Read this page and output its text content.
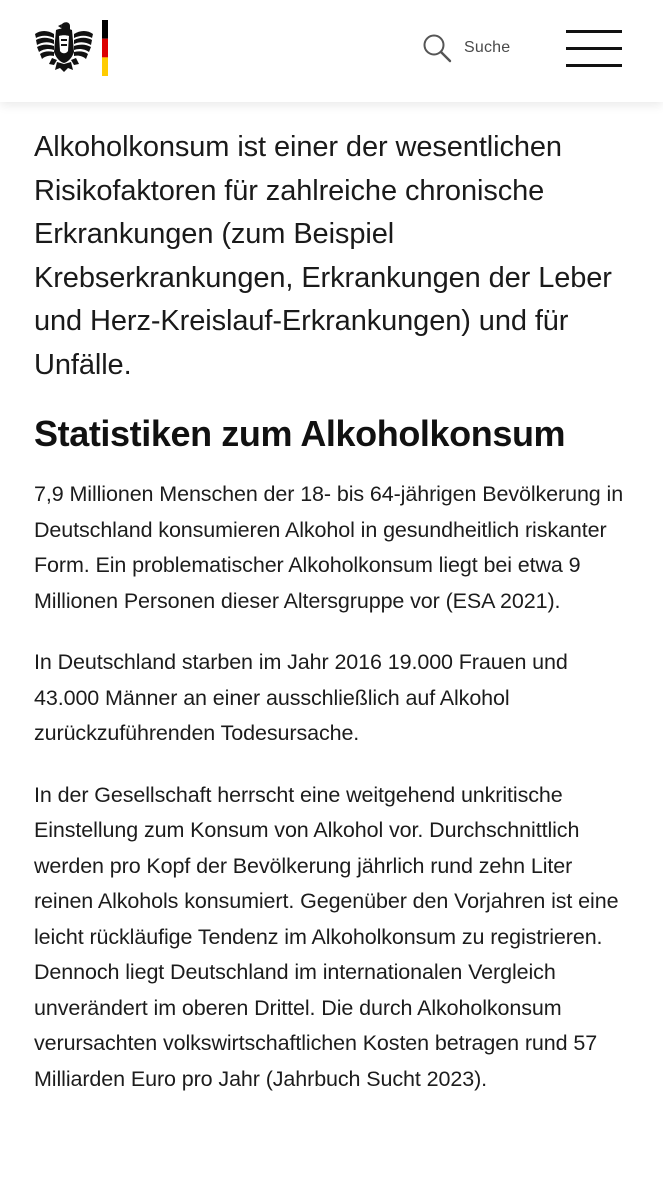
Suche

Alkoholkonsum ist einer der wesentlichen Risikofaktoren für zahlreiche chronische Erkrankungen (zum Beispiel Krebserkrankungen, Erkrankungen der Leber und Herz-Kreislauf-Erkrankungen) und für Unfälle.

Statistiken zum Alkoholkonsum

7,9 Millionen Menschen der 18- bis 64-jährigen Bevölkerung in Deutschland konsumieren Alkohol in gesundheitlich riskanter Form. Ein problematischer Alkoholkonsum liegt bei etwa 9 Millionen Personen dieser Altersgruppe vor (ESA 2021).

In Deutschland starben im Jahr 2016 19.000 Frauen und 43.000 Männer an einer ausschließlich auf Alkohol zurückzuführenden Todesursache.

In der Gesellschaft herrscht eine weitgehend unkritische Einstellung zum Konsum von Alkohol vor. Durchschnittlich werden pro Kopf der Bevölkerung jährlich rund zehn Liter reinen Alkohols konsumiert. Gegenüber den Vorjahren ist eine leicht rückläufige Tendenz im Alkoholkonsum zu registrieren. Dennoch liegt Deutschland im internationalen Vergleich unverändert im oberen Drittel. Die durch Alkoholkonsum verursachten volkswirtschaftlichen Kosten betragen rund 57 Milliarden Euro pro Jahr (Jahrbuch Sucht 2023).
